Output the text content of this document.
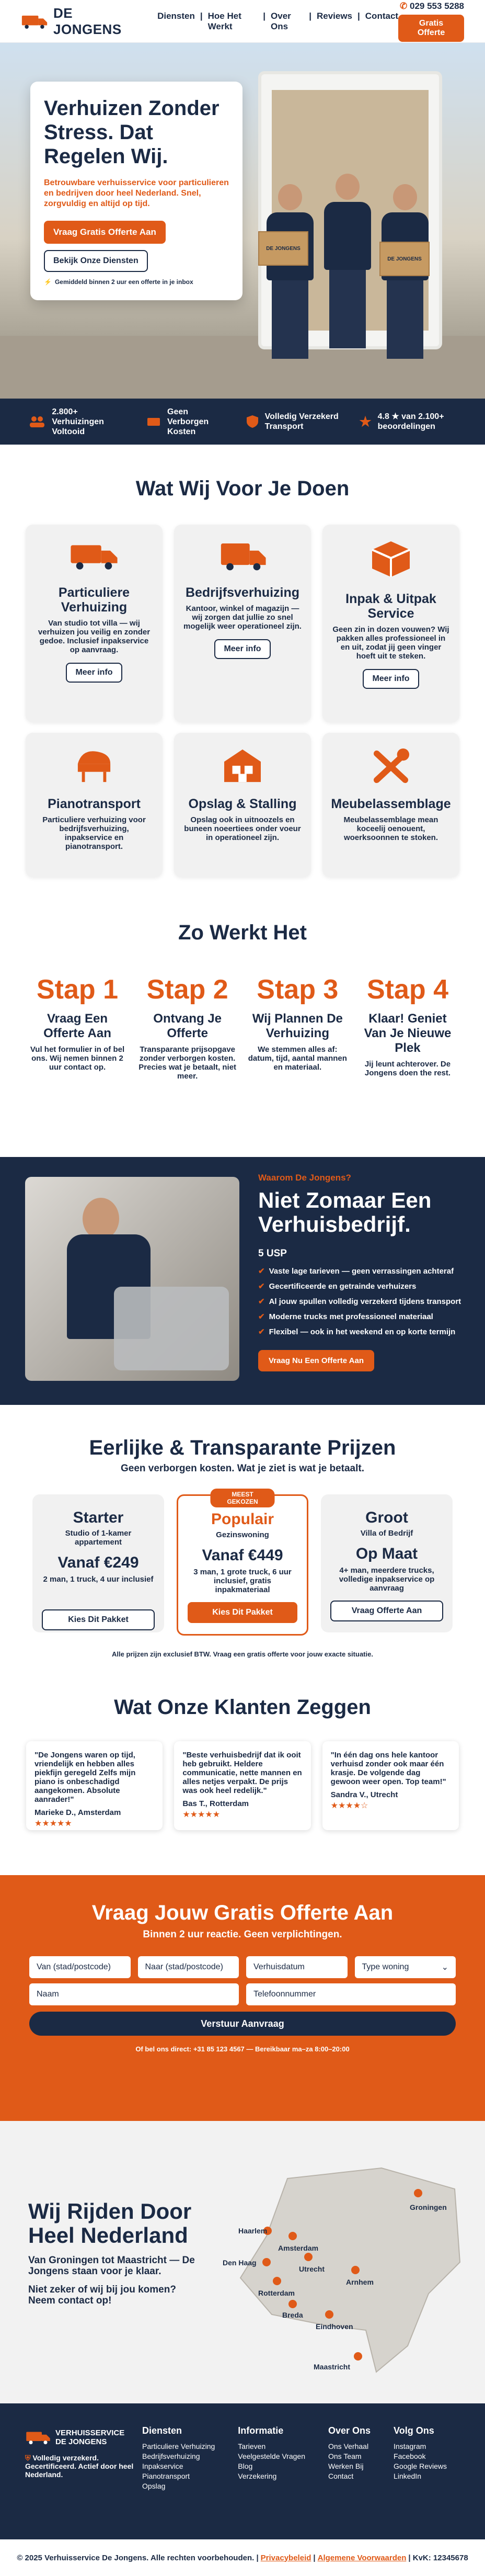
DE JONGENS
Diensten | Hoe Het Werkt
| Over Ons
| Reviews | Contact
✆ 029 553 5288
Gratis Offerte
DE JONGENS
DE JONGENS
Verhuizen Zonder Stress. Dat Regelen Wij.

Betrouwbare verhuisservice voor particulieren en bedrijven door heel Nederland. Snel, zorgvuldig en altijd op tijd.

Vraag Gratis Offerte Aan
Bekijk Onze Diensten
⚡ Gemiddeld binnen 2 uur een offerte in je inbox
2.800+ Verhuizingen Voltooid
Geen Verborgen Kosten
Volledig Verzekerd Transport	★ 4.8 ★ van 2.100+ beoordelingen
Wat Wij Voor Je Doen
Particuliere Verhuizing

Van studio tot villa — wij verhuizen jou veilig en zonder gedoe. Inclusief inpakservice op aanvraag.

Meer info
Bedrijfsverhuizing

Kantoor, winkel of magazijn — wij zorgen dat jullie zo snel mogelijk weer operationeel zijn.

Meer info
Inpak & Uitpak Service

Geen zin in dozen vouwen? Wij pakken alles professioneel in en uit, zodat jij geen vinger hoeft uit te steken.

Meer info
Pianotransport

Particuliere verhuizing voor bedrijfsverhuizing, inpakservice en pianotransport.

Opslag & Stalling

Opslag ook in uitnoozels en buneen noeertiees onder voeur in operationeel zijn.

Meubelassemblage

Meubelassemblage mean koceelij oenouent, woerksoonnen te stoken.

Zo Werkt Het
Stap 1
Vraag Een Offerte Aan

Vul het formulier in of bel ons. Wij nemen binnen 2 uur contact op.

Stap 2
Ontvang Je Offerte

Transparante prijsopgave zonder verborgen kosten. Precies wat je betaalt, niet meer.

Stap 3
Wij Plannen De Verhuizing

We stemmen alles af: datum, tijd, aantal mannen en materiaal.

Stap 4
Klaar! Geniet Van Je Nieuwe Plek

Jij leunt achterover. De Jongens doen the rest.

Waarom De Jongens?
Niet Zomaar Een Verhuisbedrijf.
5 USP
✔ Vaste lage tarieven — geen verrassingen achteraf
✔ Gecertificeerde en getrainde verhuizers
✔ Al jouw spullen volledig verzekerd tijdens transport
✔ Moderne trucks met professioneel materiaal
✔ Flexibel — ook in het weekend en op korte termijn
Vraag Nu Een Offerte Aan
Eerlijke & Transparante Prijzen
Geen verborgen kosten. Wat je ziet is wat je betaalt.
Starter
Studio of 1-kamer appartement
Vanaf €249
2 man, 1 truck, 4 uur inclusief
Kies Dit Pakket
MEEST GEKOZEN
Populair
Gezinswoning
Vanaf €449
3 man, 1 grote truck, 6 uur inclusief, gratis inpakmateriaal
Kies Dit Pakket
Groot
Villa of Bedrijf
Op Maat
4+ man, meerdere trucks, volledige inpakservice op aanvraag
Vraag Offerte Aan
Alle prijzen zijn exclusief BTW. Vraag een gratis offerte voor jouw exacte situatie.
Wat Onze Klanten Zeggen

"De Jongens waren op tijd, vriendelijk en hebben alles piekfijn geregeld Zelfs mijn piano is onbeschadigd aangekomen. Absolute aanrader!"

Marieke D., Amsterdam
★★★★★

"Beste verhuisbedrijf dat ik ooit heb gebruikt. Heldere communicatie, nette mannen en alles netjes verpakt. De prijs was ook heel redelijk."

Bas T., Rotterdam
★★★★★

"In één dag ons hele kantoor verhuisd zonder ook maar één krasje. De volgende dag gewoon weer open. Top team!"

Sandra V., Utrecht
★★★★☆
Vraag Jouw Gratis Offerte Aan
Binnen 2 uur reactie. Geen verplichtingen.
Van (stad/postcode)	Naar (stad/postcode)	Verhuisdatum	Type woning	⌄
Naam	Telefoonnummer
Verstuur Aanvraag
Of bel ons direct: +31 85 123 4567 — Bereikbaar ma–za 8:00–20:00
Wij Rijden Door Heel Nederland

Van Groningen tot Maastricht — De Jongens staan voor je klaar.

Niet zeker of wij bij jou komen? Neem contact op!

Groningen
Haarlem
Amsterdam
Den Haag
Utrecht
Arnhem
Rotterdam
Breda
Eindhoven
Maastricht
VERHUISSERVICE
DE JONGENS
⛨ Volledig verzekerd. Gecertificeerd. Actief door heel Nederland.
Diensten
Particuliere Verhuizing
Bedrijfsverhuizing
Inpakservice
Pianotransport
Opslag
Informatie
Tarieven
Veelgestelde Vragen
Blog
Verzekering
Over Ons
Ons Verhaal
Ons Team
Werken Bij
Contact
Volg Ons
Instagram
Facebook
Google Reviews
LinkedIn
© 2025 Verhuisservice De Jongens. Alle rechten voorbehouden. | Privacybeleid | Algemene Voorwaarden | KvK: 12345678
